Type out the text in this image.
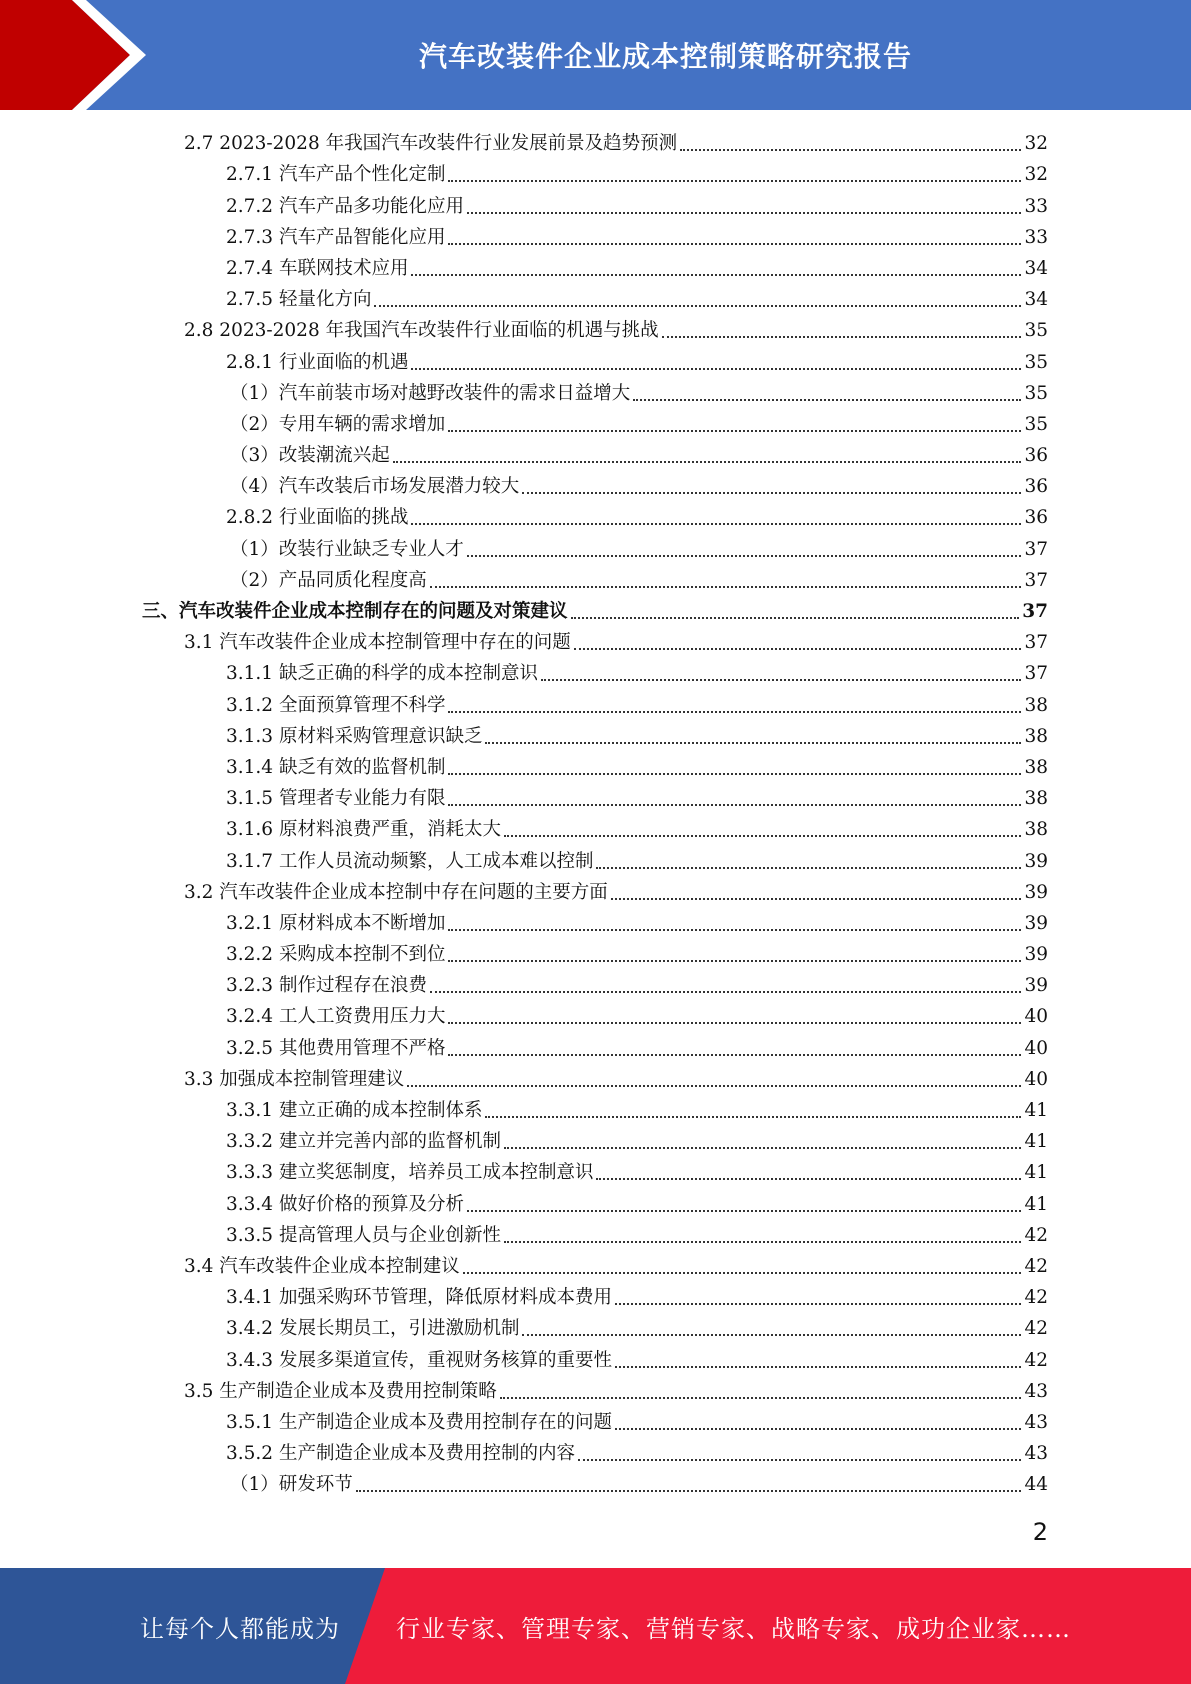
汽车改装件企业成本控制策略研究报告
2.7 2023-2028 年我国汽车改装件行业发展前景及趋势预测	32
2.7.1 汽车产品个性化定制	32
2.7.2 汽车产品多功能化应用	33
2.7.3 汽车产品智能化应用	33
2.7.4 车联网技术应用	34
2.7.5 轻量化方向	34
2.8 2023-2028 年我国汽车改装件行业面临的机遇与挑战	35
2.8.1 行业面临的机遇	35
（1）汽车前装市场对越野改装件的需求日益增大	35
（2）专用车辆的需求增加	35
（3）改装潮流兴起	36
（4）汽车改装后市场发展潜力较大	36
2.8.2 行业面临的挑战	36
（1）改装行业缺乏专业人才	37
（2）产品同质化程度高	37
三、汽车改装件企业成本控制存在的问题及对策建议	37
3.1 汽车改装件企业成本控制管理中存在的问题	37
3.1.1 缺乏正确的科学的成本控制意识	37
3.1.2 全面预算管理不科学	38
3.1.3 原材料采购管理意识缺乏	38
3.1.4 缺乏有效的监督机制	38
3.1.5 管理者专业能力有限	38
3.1.6 原材料浪费严重，消耗太大	38
3.1.7 工作人员流动频繁，人工成本难以控制	39
3.2 汽车改装件企业成本控制中存在问题的主要方面	39
3.2.1 原材料成本不断增加	39
3.2.2 采购成本控制不到位	39
3.2.3 制作过程存在浪费	39
3.2.4 工人工资费用压力大	40
3.2.5 其他费用管理不严格	40
3.3 加强成本控制管理建议	40
3.3.1 建立正确的成本控制体系	41
3.3.2 建立并完善内部的监督机制	41
3.3.3 建立奖惩制度，培养员工成本控制意识	41
3.3.4 做好价格的预算及分析	41
3.3.5 提高管理人员与企业创新性	42
3.4 汽车改装件企业成本控制建议	42
3.4.1 加强采购环节管理，降低原材料成本费用	42
3.4.2 发展长期员工，引进激励机制	42
3.4.3 发展多渠道宣传，重视财务核算的重要性	42
3.5 生产制造企业成本及费用控制策略	43
3.5.1 生产制造企业成本及费用控制存在的问题	43
3.5.2 生产制造企业成本及费用控制的内容	43
（1）研发环节	44
2
让每个人都能成为 行业专家、管理专家、营销专家、战略专家、成功企业家……
